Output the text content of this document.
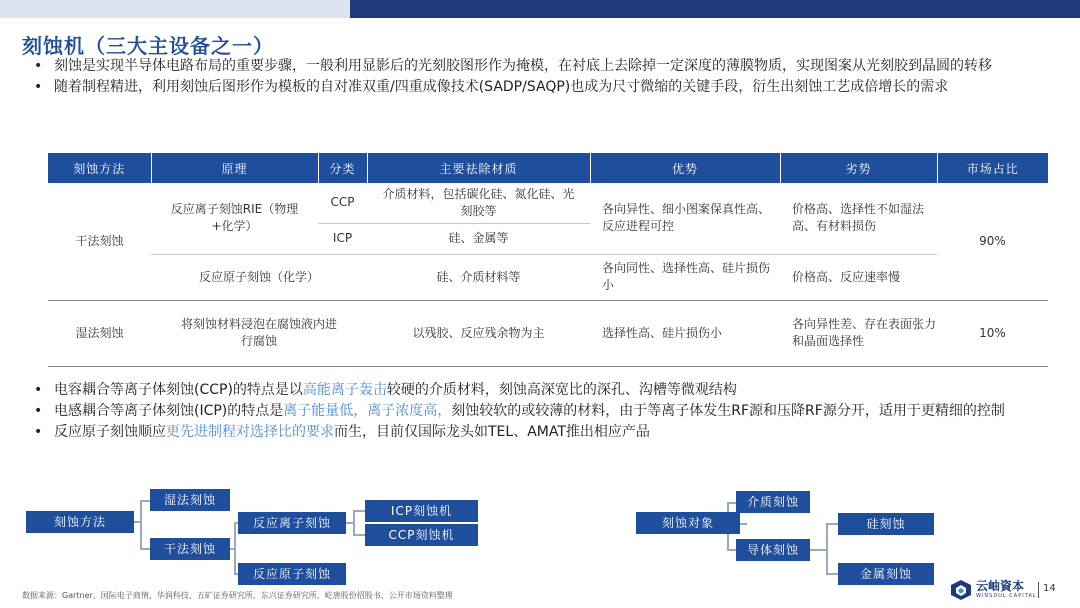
刻蚀机（三大主设备之一）
• 刻蚀是实现半导体电路布局的重要步骤，一般利用显影后的光刻胶图形作为掩模，在衬底上去除掉一定深度的薄膜物质，实现图案从光刻胶到晶圆的转移
• 随着制程精进，利用刻蚀后图形作为模板的自对准双重/四重成像技术(SADP/SAQP)也成为尺寸微缩的关键手段，衍生出刻蚀工艺成倍增长的需求
刻蚀方法	原理	分类	主要祛除材质	优势	劣势	市场占比
干法刻蚀	反应离子刻蚀RIE（物理+化学）	CCP	介质材料，包括碳化硅、氮化硅、光刻胶等	各向异性、细小图案保真性高、反应进程可控	价格高、选择性不如湿法高、有材料损伤	90%
		ICP	硅、金属等			
	反应原子刻蚀（化学）		硅、介质材料等	各向同性、选择性高、硅片损伤小	价格高、反应速率慢	
湿法刻蚀	将刻蚀材料浸泡在腐蚀液内进行腐蚀		以残胶、反应残余物为主	选择性高、硅片损伤小	各向异性差、存在表面张力和晶面选择性	10%
• 电容耦合等离子体刻蚀(CCP)的特点是以高能离子轰击较硬的介质材料，刻蚀高深宽比的深孔、沟槽等微观结构
• 电感耦合等离子体刻蚀(ICP)的特点是离子能量低，离子浓度高，刻蚀较软的或较薄的材料，由于等离子体发生RF源和压降RF源分开，适用于更精细的控制
• 反应原子刻蚀顺应更先进制程对选择比的要求而生，目前仅国际龙头如TEL、AMAT推出相应产品
刻蚀方法
湿法刻蚀
干法刻蚀
反应离子刻蚀
反应原子刻蚀
ICP刻蚀机
CCP刻蚀机
刻蚀对象
介质刻蚀
导体刻蚀
硅刻蚀
金属刻蚀
数据来源：Gartner、国际电子商情、华润科技、五矿证券研究所、东兴证券研究所、屹唐股份招股书、公开市场资料整理
云岫資本
WINSOUL CAPITAL
14
